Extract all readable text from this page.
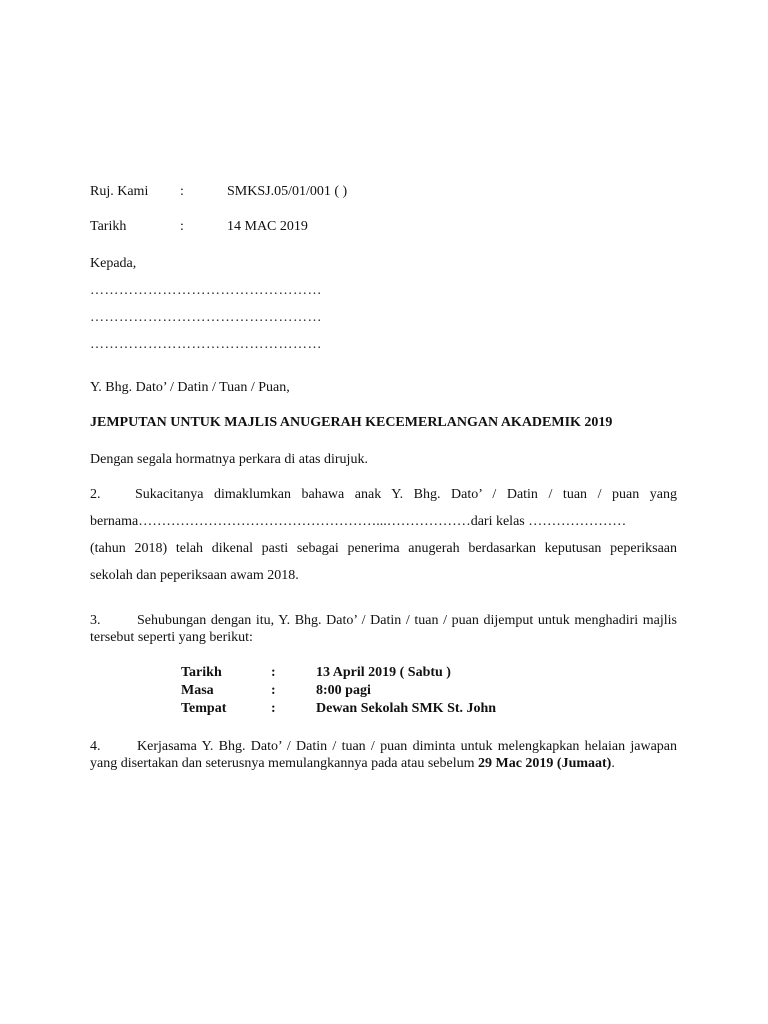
Ruj. Kami :	SMKSJ.05/01/001 ( )
Tarikh	:	14 MAC 2019
Kepada,
…………………………………………
…………………………………………
…………………………………………
Y. Bhg. Dato’ / Datin / Tuan / Puan,
JEMPUTAN UNTUK MAJLIS ANUGERAH KECEMERLANGAN AKADEMIK 2019
Dengan segala hormatnya perkara di atas dirujuk.
2. Sukacitanya dimaklumkan bahawa anak Y. Bhg. Dato’ / Datin / tuan / puan yang
bernama……………………………………………...………………dari kelas …………………
(tahun 2018) telah dikenal pasti sebagai penerima anugerah berdasarkan keputusan peperiksaan
sekolah dan peperiksaan awam 2018.
3.	Sehubungan dengan itu, Y. Bhg. Dato’ / Datin / tuan / puan dijemput untuk menghadiri majlis tersebut seperti yang berikut:
Tarikh	:	13 April 2019 ( Sabtu )
Masa	:	8:00 pagi
Tempat	:	Dewan Sekolah SMK St. John
4.	Kerjasama Y. Bhg. Dato’ / Datin / tuan / puan diminta untuk melengkapkan helaian jawapan yang disertakan dan seterusnya memulangkannya pada atau sebelum 29 Mac 2019 (Jumaat).
